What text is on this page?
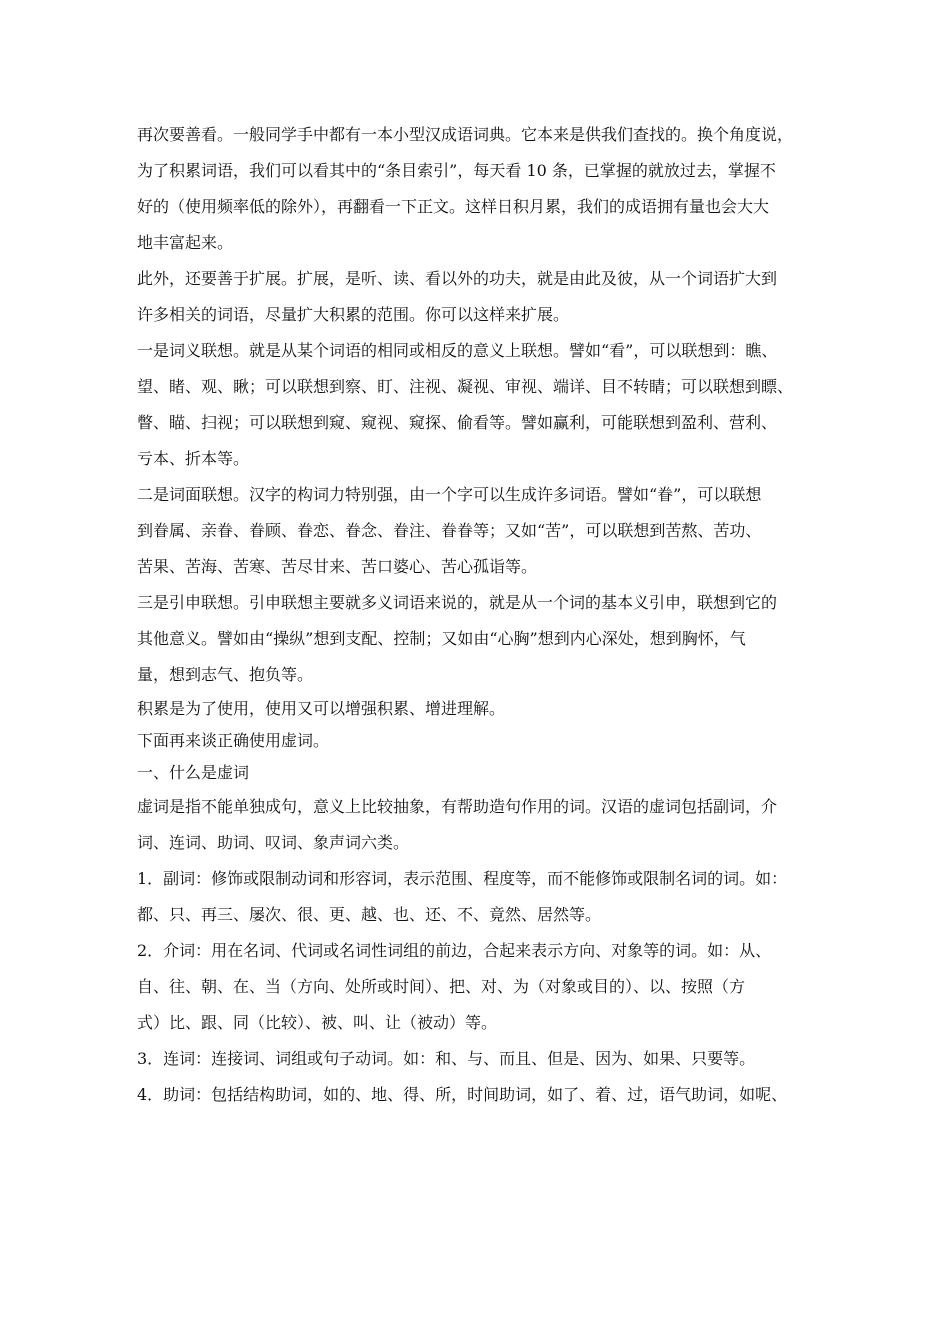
再次要善看。一般同学手中都有一本小型汉成语词典。它本来是供我们查找的。换个角度说，
为了积累词语，我们可以看其中的“条目索引”，每天看 10 条，已掌握的就放过去，掌握不
好的（使用频率低的除外），再翻看一下正文。这样日积月累，我们的成语拥有量也会大大
地丰富起来。
此外，还要善于扩展。扩展，是听、读、看以外的功夫，就是由此及彼，从一个词语扩大到
许多相关的词语，尽量扩大积累的范围。你可以这样来扩展。
一是词义联想。就是从某个词语的相同或相反的意义上联想。譬如“看”，可以联想到：瞧、
望、睹、观、瞅；可以联想到察、盯、注视、凝视、审视、端详、目不转睛；可以联想到瞟、
瞥、瞄、扫视；可以联想到窥、窥视、窥探、偷看等。譬如赢利，可能联想到盈利、营利、
亏本、折本等。
二是词面联想。汉字的构词力特别强，由一个字可以生成许多词语。譬如“眷”，可以联想
到眷属、亲眷、眷顾、眷恋、眷念、眷注、眷眷等；又如“苦”，可以联想到苦熬、苦功、
苦果、苦海、苦寒、苦尽甘来、苦口婆心、苦心孤诣等。
三是引申联想。引申联想主要就多义词语来说的，就是从一个词的基本义引申，联想到它的
其他意义。譬如由“操纵”想到支配、控制；又如由“心胸”想到内心深处，想到胸怀，气
量，想到志气、抱负等。
积累是为了使用，使用又可以增强积累、增进理解。
下面再来谈正确使用虚词。
一、什么是虚词
虚词是指不能单独成句，意义上比较抽象，有帮助造句作用的词。汉语的虚词包括副词，介
词、连词、助词、叹词、象声词六类。
1．副词：修饰或限制动词和形容词，表示范围、程度等，而不能修饰或限制名词的词。如：
都、只、再三、屡次、很、更、越、也、还、不、竟然、居然等。
2．介词：用在名词、代词或名词性词组的前边，合起来表示方向、对象等的词。如：从、
自、往、朝、在、当（方向、处所或时间）、把、对、为（对象或目的）、以、按照（方
式）比、跟、同（比较）、被、叫、让（被动）等。
3．连词：连接词、词组或句子动词。如：和、与、而且、但是、因为、如果、只要等。
4．助词：包括结构助词，如的、地、得、所，时间助词，如了、着、过，语气助词，如呢、
